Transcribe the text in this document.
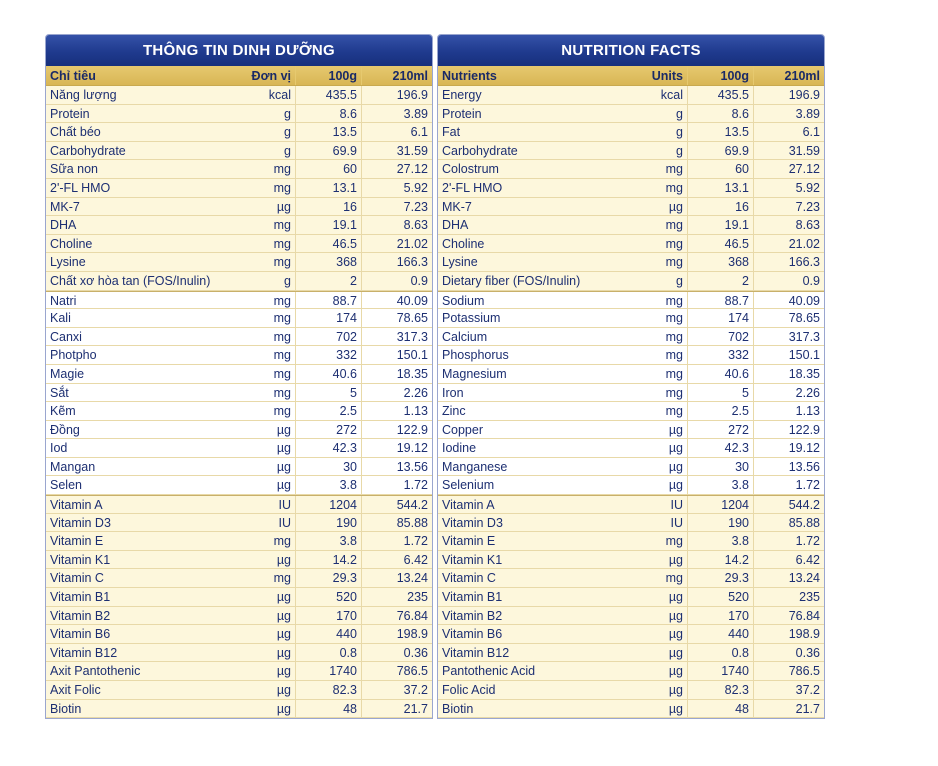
THÔNG TIN DINH DƯỠNG
Chỉ tiêu	Đơn vị	100g	210ml
Năng lượng	kcal	435.5	196.9
Protein	g	8.6	3.89
Chất béo	g	13.5	6.1
Carbohydrate	g	69.9	31.59
Sữa non	mg	60	27.12
2'-FL HMO	mg	13.1	5.92
MK-7	µg	16	7.23
DHA	mg	19.1	8.63
Choline	mg	46.5	21.02
Lysine	mg	368	166.3
Chất xơ hòa tan (FOS/Inulin)	g	2	0.9
Natri	mg	88.7	40.09
Kali	mg	174	78.65
Canxi	mg	702	317.3
Photpho	mg	332	150.1
Magie	mg	40.6	18.35
Sắt	mg	5	2.26
Kẽm	mg	2.5	1.13
Đồng	µg	272	122.9
Iod	µg	42.3	19.12
Mangan	µg	30	13.56
Selen	µg	3.8	1.72
Vitamin A	IU	1204	544.2
Vitamin D3	IU	190	85.88
Vitamin E	mg	3.8	1.72
Vitamin K1	µg	14.2	6.42
Vitamin C	mg	29.3	13.24
Vitamin B1	µg	520	235
Vitamin B2	µg	170	76.84
Vitamin B6	µg	440	198.9
Vitamin B12	µg	0.8	0.36
Axit Pantothenic	µg	1740	786.5
Axit Folic	µg	82.3	37.2
Biotin	µg	48	21.7
NUTRITION FACTS
Nutrients	Units	100g	210ml
Energy	kcal	435.5	196.9
Protein	g	8.6	3.89
Fat	g	13.5	6.1
Carbohydrate	g	69.9	31.59
Colostrum	mg	60	27.12
2'-FL HMO	mg	13.1	5.92
MK-7	µg	16	7.23
DHA	mg	19.1	8.63
Choline	mg	46.5	21.02
Lysine	mg	368	166.3
Dietary fiber (FOS/Inulin)	g	2	0.9
Sodium	mg	88.7	40.09
Potassium	mg	174	78.65
Calcium	mg	702	317.3
Phosphorus	mg	332	150.1
Magnesium	mg	40.6	18.35
Iron	mg	5	2.26
Zinc	mg	2.5	1.13
Copper	µg	272	122.9
Iodine	µg	42.3	19.12
Manganese	µg	30	13.56
Selenium	µg	3.8	1.72
Vitamin A	IU	1204	544.2
Vitamin D3	IU	190	85.88
Vitamin E	mg	3.8	1.72
Vitamin K1	µg	14.2	6.42
Vitamin C	mg	29.3	13.24
Vitamin B1	µg	520	235
Vitamin B2	µg	170	76.84
Vitamin B6	µg	440	198.9
Vitamin B12	µg	0.8	0.36
Pantothenic Acid	µg	1740	786.5
Folic Acid	µg	82.3	37.2
Biotin	µg	48	21.7
